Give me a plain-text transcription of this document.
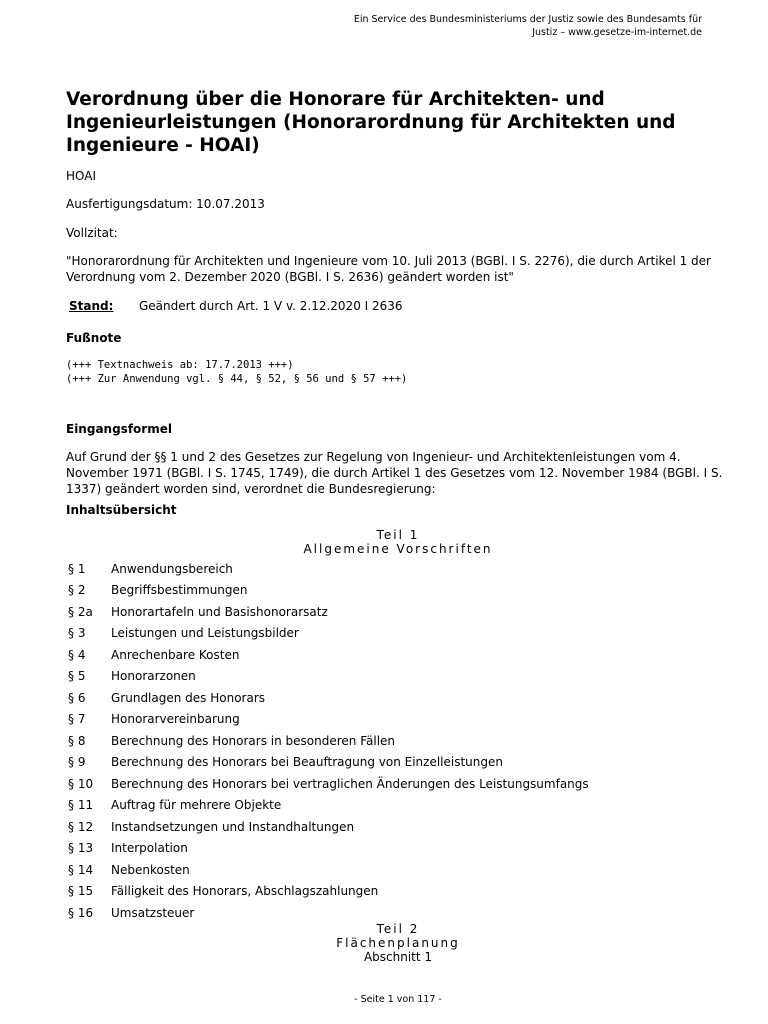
Ein Service des Bundesministeriums der Justiz sowie des Bundesamts für
Justiz – www.gesetze-im-internet.de
Verordnung über die Honorare für Architekten- und Ingenieurleistungen (Honorarordnung für Architekten und Ingenieure - HOAI)
HOAI
Ausfertigungsdatum: 10.07.2013
Vollzitat:
"Honorarordnung für Architekten und Ingenieure vom 10. Juli 2013 (BGBl. I S. 2276), die durch Artikel 1 der Verordnung vom 2. Dezember 2020 (BGBl. I S. 2636) geändert worden ist"
Stand:	Geändert durch Art. 1 V v. 2.12.2020 I 2636
Fußnote
(+++ Textnachweis ab: 17.7.2013 +++)
(+++ Zur Anwendung vgl. § 44, § 52, § 56 und § 57 +++)
Eingangsformel
Auf Grund der §§ 1 und 2 des Gesetzes zur Regelung von Ingenieur- und Architektenleistungen vom 4. November 1971 (BGBl. I S. 1745, 1749), die durch Artikel 1 des Gesetzes vom 12. November 1984 (BGBl. I S. 1337) geändert worden sind, verordnet die Bundesregierung:
Inhaltsübersicht
Teil 1
Allgemeine Vorschriften
§ 1	Anwendungsbereich
§ 2	Begriffsbestimmungen
§ 2a	Honorartafeln und Basishonorarsatz
§ 3	Leistungen und Leistungsbilder
§ 4	Anrechenbare Kosten
§ 5	Honorarzonen
§ 6	Grundlagen des Honorars
§ 7	Honorarvereinbarung
§ 8	Berechnung des Honorars in besonderen Fällen
§ 9	Berechnung des Honorars bei Beauftragung von Einzelleistungen
§ 10	Berechnung des Honorars bei vertraglichen Änderungen des Leistungsumfangs
§ 11	Auftrag für mehrere Objekte
§ 12	Instandsetzungen und Instandhaltungen
§ 13	Interpolation
§ 14	Nebenkosten
§ 15	Fälligkeit des Honorars, Abschlagszahlungen
§ 16	Umsatzsteuer
Teil 2
Flächenplanung
Abschnitt 1
- Seite 1 von 117 -
